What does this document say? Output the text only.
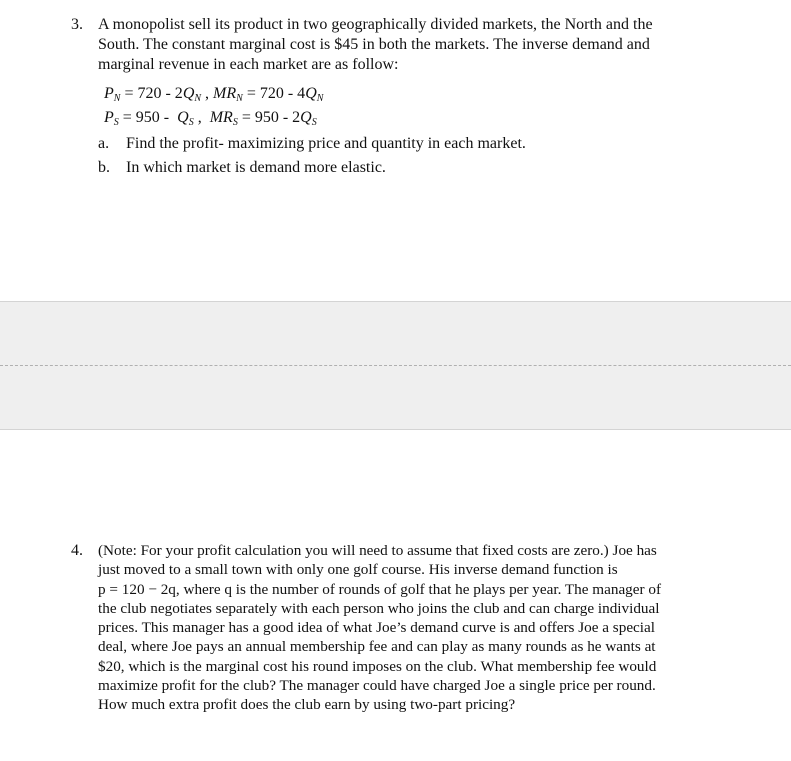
3. A monopolist sell its product in two geographically divided markets, the North and the
South. The constant marginal cost is $45 in both the markets. The inverse demand and
marginal revenue in each market are as follow:
$P_N = 720 - 2Q_N$ , $MR_N = 720 - 4Q_N$
$P_S = 950 - Q_S$ ,  $MR_S = 950 - 2Q_S$
a. Find the profit- maximizing price and quantity in each market.
b. In which market is demand more elastic.
4. (Note: For your profit calculation you will need to assume that fixed costs are zero.) Joe has
just moved to a small town with only one golf course. His inverse demand function is
p = 120 − 2q, where q is the number of rounds of golf that he plays per year. The manager of
the club negotiates separately with each person who joins the club and can charge individual
prices. This manager has a good idea of what Joe’s demand curve is and offers Joe a special
deal, where Joe pays an annual membership fee and can play as many rounds as he wants at
$20, which is the marginal cost his round imposes on the club. What membership fee would
maximize profit for the club? The manager could have charged Joe a single price per round.
How much extra profit does the club earn by using two-part pricing?
